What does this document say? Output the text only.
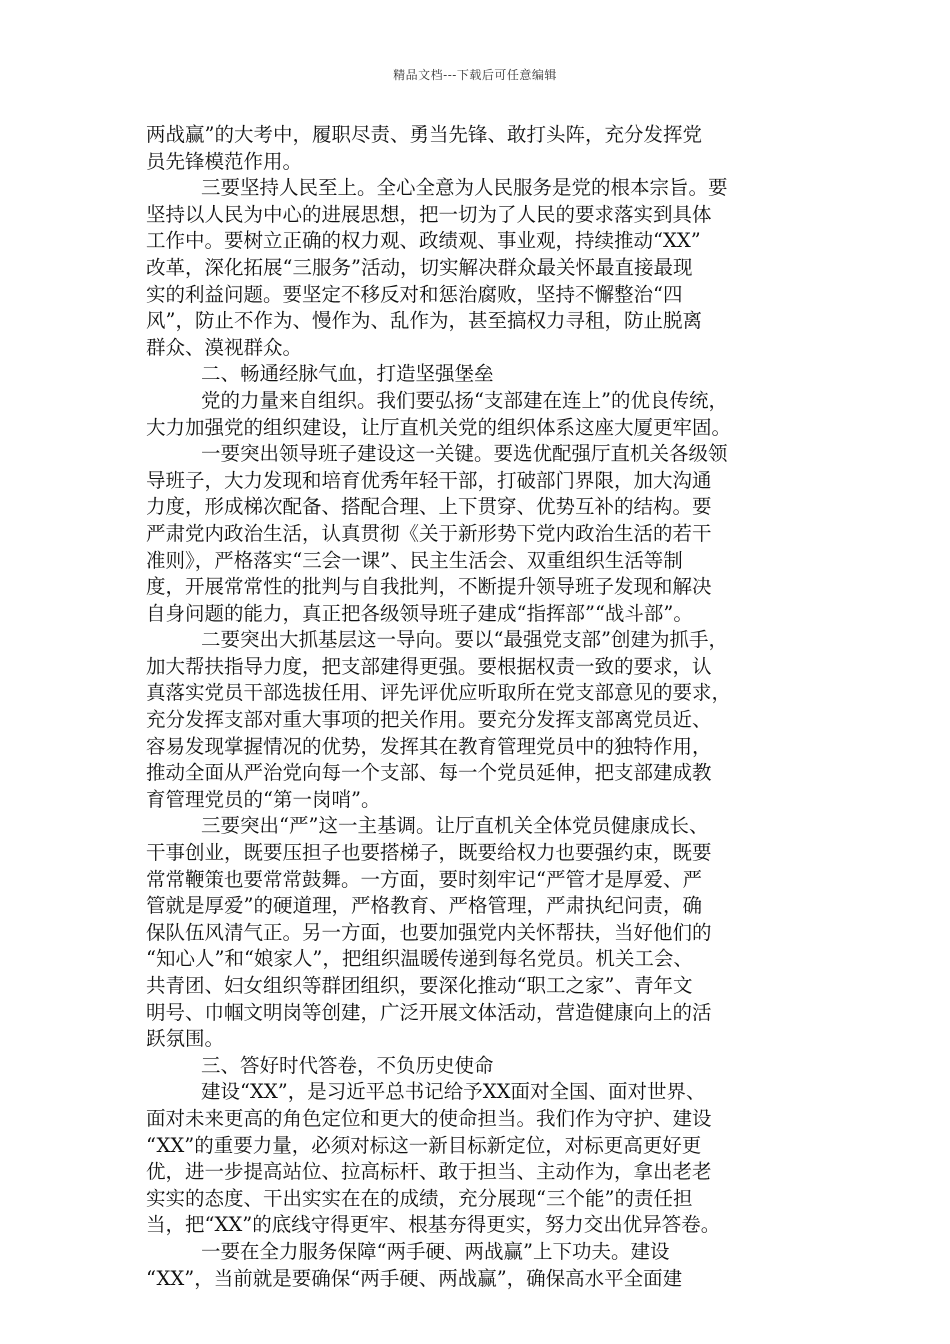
精品文档---下载后可任意编辑
两战赢”的大考中，履职尽责、勇当先锋、敢打头阵，充分发挥党
员先锋模范作用。
三要坚持人民至上。全心全意为人民服务是党的根本宗旨。要
坚持以人民为中心的进展思想，把一切为了人民的要求落实到具体
工作中。要树立正确的权力观、政绩观、事业观，持续推动“XX”
改革，深化拓展“三服务”活动，切实解决群众最关怀最直接最现
实的利益问题。要坚定不移反对和惩治腐败，坚持不懈整治“四
风”，防止不作为、慢作为、乱作为，甚至搞权力寻租，防止脱离
群众、漠视群众。
二、畅通经脉气血，打造坚强堡垒
党的力量来自组织。我们要弘扬“支部建在连上”的优良传统，
大力加强党的组织建设，让厅直机关党的组织体系这座大厦更牢固。
一要突出领导班子建设这一关键。要选优配强厅直机关各级领
导班子，大力发现和培育优秀年轻干部，打破部门界限，加大沟通
力度，形成梯次配备、搭配合理、上下贯穿、优势互补的结构。要
严肃党内政治生活，认真贯彻《关于新形势下党内政治生活的若干
准则》，严格落实“三会一课”、民主生活会、双重组织生活等制
度，开展常常性的批判与自我批判，不断提升领导班子发现和解决
自身问题的能力，真正把各级领导班子建成“指挥部”“战斗部”。
二要突出大抓基层这一导向。要以“最强党支部”创建为抓手，
加大帮扶指导力度，把支部建得更强。要根据权责一致的要求，认
真落实党员干部选拔任用、评先评优应听取所在党支部意见的要求，
充分发挥支部对重大事项的把关作用。要充分发挥支部离党员近、
容易发现掌握情况的优势，发挥其在教育管理党员中的独特作用，
推动全面从严治党向每一个支部、每一个党员延伸，把支部建成教
育管理党员的“第一岗哨”。
三要突出“严”这一主基调。让厅直机关全体党员健康成长、
干事创业，既要压担子也要搭梯子，既要给权力也要强约束，既要
常常鞭策也要常常鼓舞。一方面，要时刻牢记“严管才是厚爱、严
管就是厚爱”的硬道理，严格教育、严格管理，严肃执纪问责，确
保队伍风清气正。另一方面，也要加强党内关怀帮扶，当好他们的
“知心人”和“娘家人”，把组织温暖传递到每名党员。机关工会、
共青团、妇女组织等群团组织，要深化推动“职工之家”、青年文
明号、巾帼文明岗等创建，广泛开展文体活动，营造健康向上的活
跃氛围。
三、答好时代答卷，不负历史使命
建设“XX”，是习近平总书记给予XX面对全国、面对世界、
面对未来更高的角色定位和更大的使命担当。我们作为守护、建设
“XX”的重要力量，必须对标这一新目标新定位，对标更高更好更
优，进一步提高站位、拉高标杆、敢于担当、主动作为，拿出老老
实实的态度、干出实实在在的成绩，充分展现“三个能”的责任担
当，把“XX”的底线守得更牢、根基夯得更实，努力交出优异答卷。
一要在全力服务保障“两手硬、两战赢”上下功夫。建设
“XX”，当前就是要确保“两手硬、两战赢”，确保高水平全面建
